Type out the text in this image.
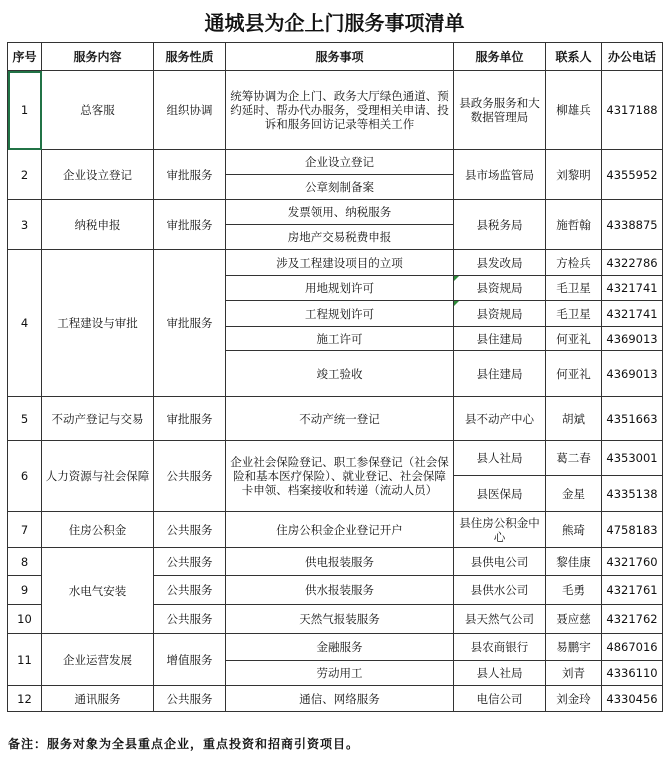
通城县为企上门服务事项清单
序号	服务内容	服务性质	服务事项	服务单位	联系人	办公电话
1	总客服	组织协调	统筹协调为企上门、政务大厅绿色通道、预约延时、帮办代办服务，受理相关申请、投诉和服务回访记录等相关工作	县政务服务和大数据管理局	柳雄兵	4317188
2	企业设立登记	审批服务	企业设立登记	县市场监管局	刘黎明	4355952
			公章刻制备案			
3	纳税申报	审批服务	发票领用、纳税服务	县税务局	施哲翰	4338875
			房地产交易税费申报			
4	工程建设与审批	审批服务	涉及工程建设项目的立项	县发改局	方检兵	4322786
			用地规划许可	县资规局	毛卫星	4321741
			工程规划许可	县资规局	毛卫星	4321741
			施工许可	县住建局	何亚礼	4369013
			竣工验收	县住建局	何亚礼	4369013
5	不动产登记与交易	审批服务	不动产统一登记	县不动产中心	胡斌	4351663
6	人力资源与社会保障	公共服务	企业社会保险登记、职工参保登记（社会保险和基本医疗保险）、就业登记、社会保障卡申领、档案接收和转递（流动人员）	县人社局	葛二春	4353001
				县医保局	金星	4335138
7	住房公积金	公共服务	住房公积金企业登记开户	县住房公积金中心	熊琦	4758183
8	水电气安装	公共服务	供电报装服务	县供电公司	黎佳康	4321760
9		公共服务	供水报装服务	县供水公司	毛勇	4321761
10		公共服务	天然气报装服务	县天然气公司	聂应慈	4321762
11	企业运营发展	增值服务	金融服务	县农商银行	易鹏宇	4867016
			劳动用工	县人社局	刘青	4336110
12	通讯服务	公共服务	通信、网络服务	电信公司	刘金玲	4330456
备注：服务对象为全县重点企业，重点投资和招商引资项目。
